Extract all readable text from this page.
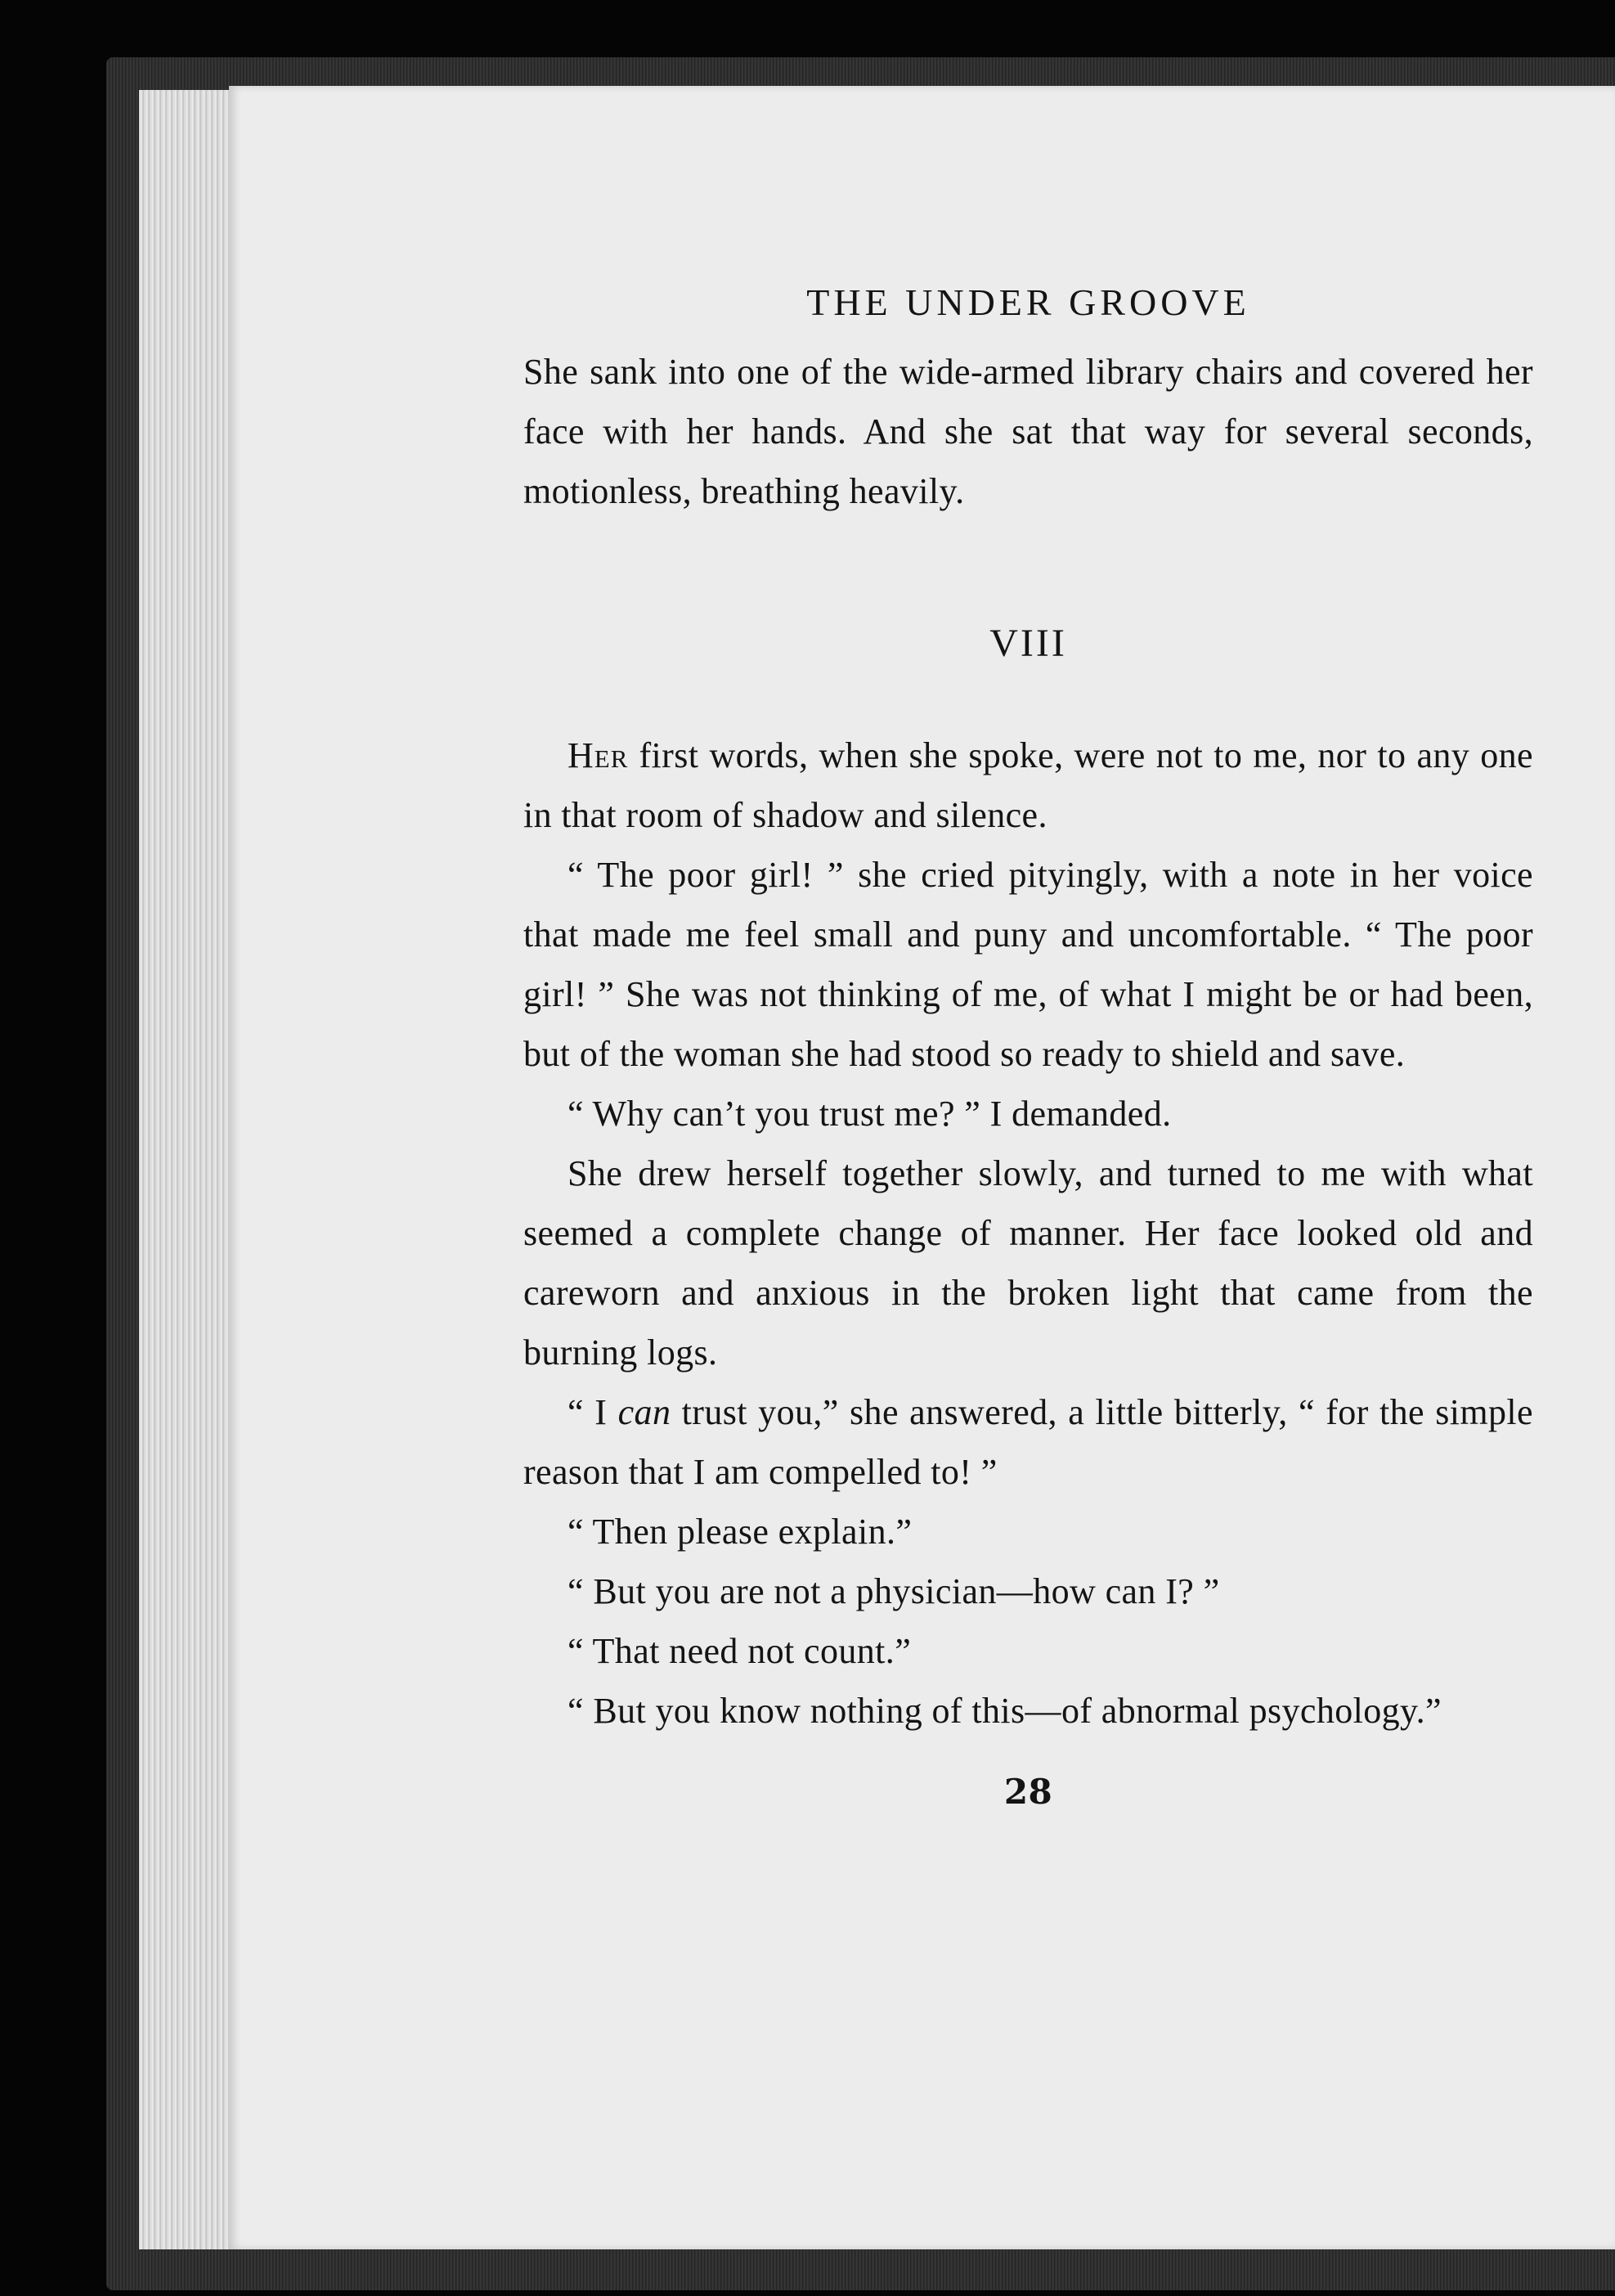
THE UNDER GROOVE

She sank into one of the wide-armed library chairs and covered her face with her hands. And she sat that way for several seconds, motionless, breathing heavily.

VIII

Her first words, when she spoke, were not to me, nor to any one in that room of shadow and silence.

“ The poor girl! ” she cried pityingly, with a note in her voice that made me feel small and puny and uncomfortable. “ The poor girl! ” She was not thinking of me, of what I might be or had been, but of the woman she had stood so ready to shield and save.

“ Why can’t you trust me? ” I demanded.

She drew herself together slowly, and turned to me with what seemed a complete change of manner. Her face looked old and careworn and anxious in the broken light that came from the burning logs.

“ I can trust you,” she answered, a little bitterly, “ for the simple reason that I am compelled to! ”

“ Then please explain.”

“ But you are not a physician—how can I? ”

“ That need not count.”

“ But you know nothing of this—of abnormal psychology.”

28
